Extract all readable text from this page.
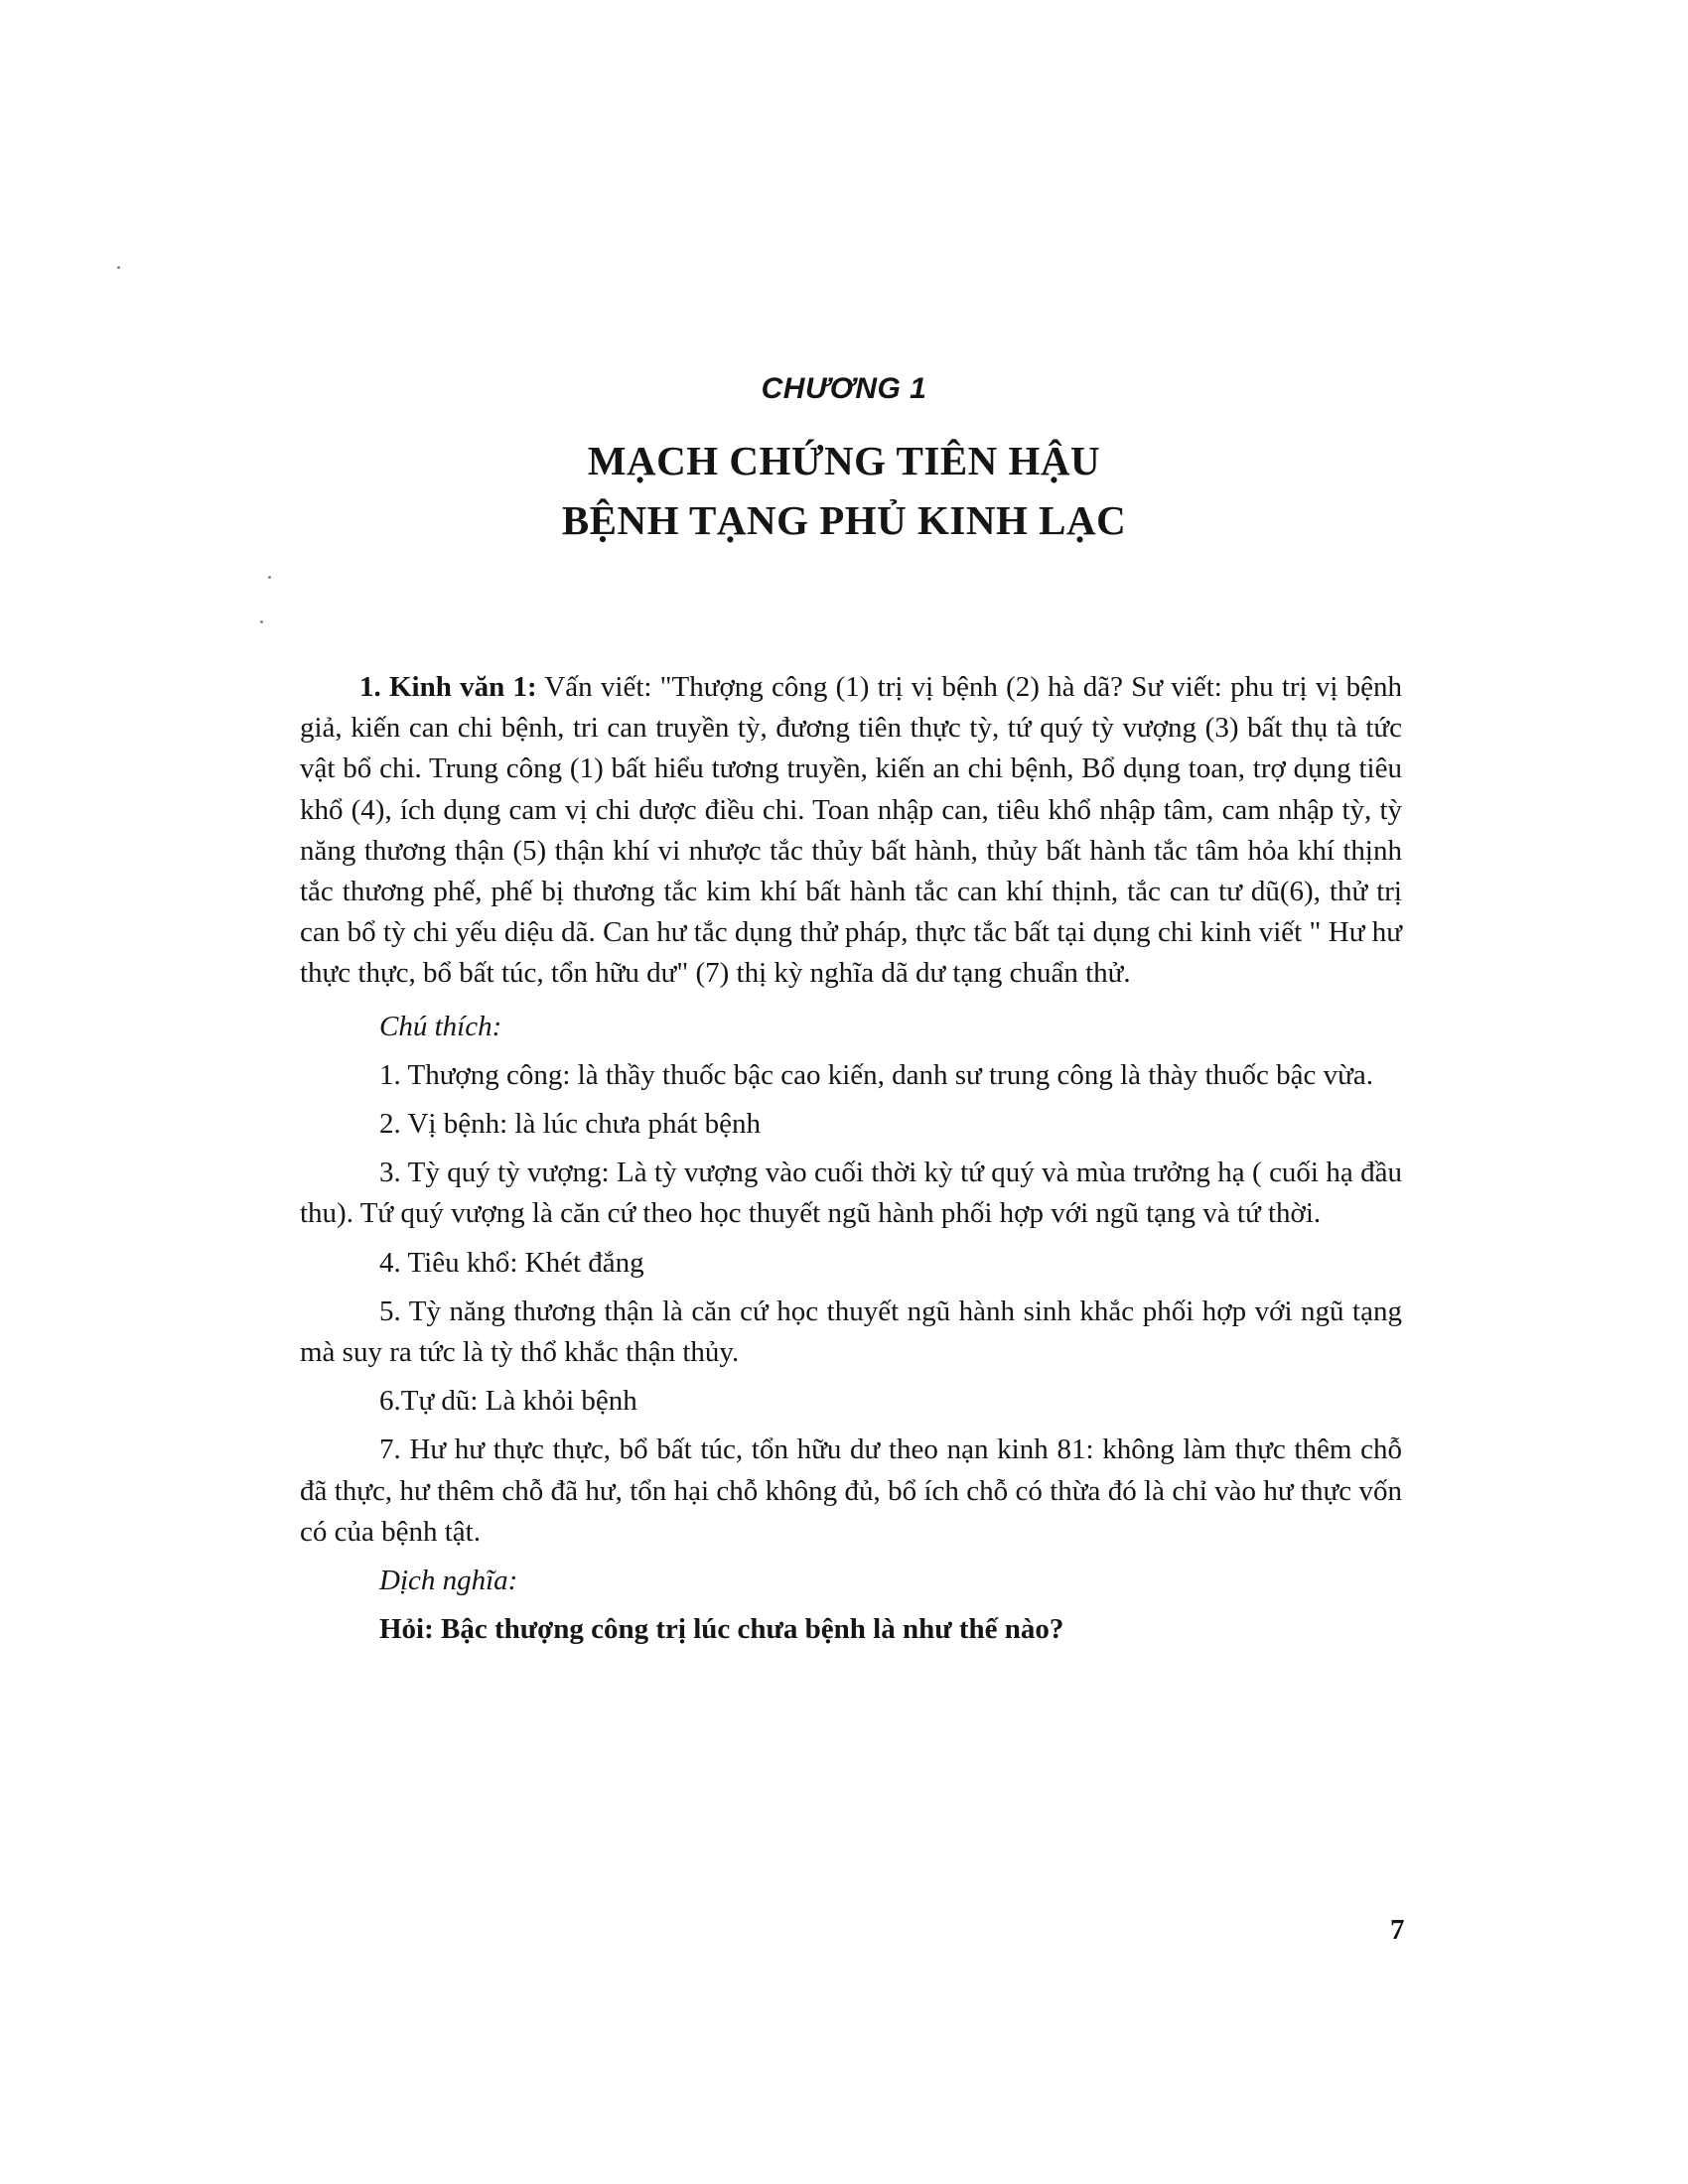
CHƯƠNG 1
MẠCH CHỨNG TIÊN HẬU
BỆNH TẠNG PHỦ KINH LẠC

1. Kinh văn 1: Vấn viết: "Thượng công (1) trị vị bệnh (2) hà dã? Sư viết: phu trị vị bệnh giả, kiến can chi bệnh, tri can truyền tỳ, đương tiên thực tỳ, tứ quý tỳ vượng (3) bất thụ tà tức vật bổ chi. Trung công (1) bất hiểu tương truyền, kiến an chi bệnh, Bổ dụng toan, trợ dụng tiêu khổ (4), ích dụng cam vị chi dược điều chi. Toan nhập can, tiêu khổ nhập tâm, cam nhập tỳ, tỳ năng thương thận (5) thận khí vi nhược tắc thủy bất hành, thủy bất hành tắc tâm hỏa khí thịnh tắc thương phế, phế bị thương tắc kim khí bất hành tắc can khí thịnh, tắc can tư dũ(6), thử trị can bổ tỳ chi yếu diệu dã. Can hư tắc dụng thử pháp, thực tắc bất tại dụng chi kinh viết " Hư hư thực thực, bổ bất túc, tổn hữu dư" (7) thị kỳ nghĩa dã dư tạng chuẩn thử.

Chú thích:

1. Thượng công: là thầy thuốc bậc cao kiến, danh sư trung công là thày thuốc bậc vừa.

2. Vị bệnh: là lúc chưa phát bệnh

3. Tỳ quý tỳ vượng: Là tỳ vượng vào cuối thời kỳ tứ quý và mùa trưởng hạ ( cuối hạ đầu thu). Tứ quý vượng là căn cứ theo học thuyết ngũ hành phối hợp với ngũ tạng và tứ thời.

4. Tiêu khổ: Khét đắng

5. Tỳ năng thương thận là căn cứ học thuyết ngũ hành sinh khắc phối hợp với ngũ tạng mà suy ra tức là tỳ thổ khắc thận thủy.

6.Tự dũ: Là khỏi bệnh

7. Hư hư thực thực, bổ bất túc, tổn hữu dư theo nạn kinh 81: không làm thực thêm chỗ đã thực, hư thêm chỗ đã hư, tổn hại chỗ không đủ, bổ ích chỗ có thừa đó là chỉ vào hư thực vốn có của bệnh tật.

Dịch nghĩa:

Hỏi: Bậc thượng công trị lúc chưa bệnh là như thế nào?

7
